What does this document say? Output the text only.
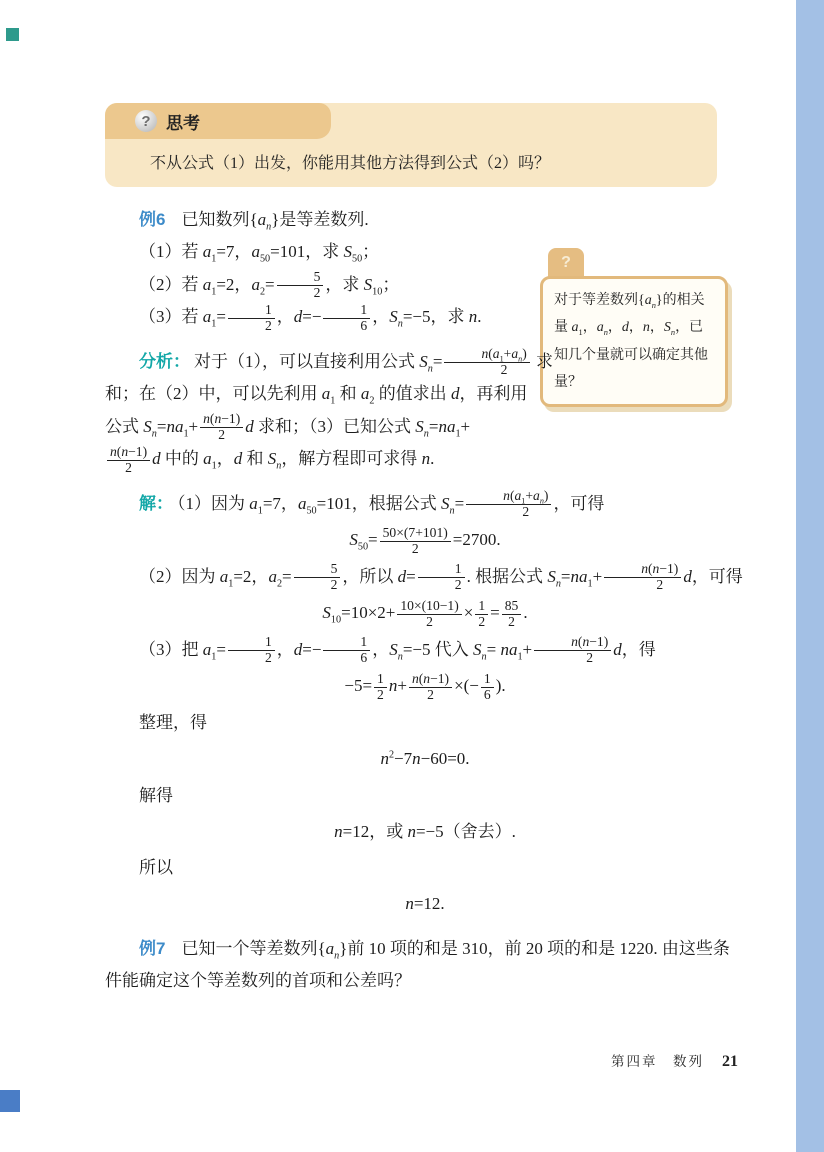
? 思考
不从公式（1）出发，你能用其他方法得到公式（2）吗？
?
对于等差数列$\{a_n\}$的相关量 $a_1$，$a_n$，d，n，$S_n$，已知几个量就可以确定其他量？

例6 已知数列$\{a_n\}$是等差数列.

（1）若 $a_1=7$，$a_{50}=101$，求 $S_{50}$；

（2）若 $a_1=2$，$a_2= \frac{5}{2}$ ，求 $S_{10}$；

（3）若 $a_1= \frac{1}{2}$ ，$d=- \frac{1}{6}$ ，$S_n=-5$，求 n.

分析： 对于（1），可以直接利用公式 $S_n= \frac{n(a_1+a_n)}{2}$ 求

和；在（2）中，可以先利用 $a_1$ 和 $a_2$ 的值求出 d，再利用

公式 $S_n=na_1+ \frac{n(n-1)}{2}$ d 求和；（3）已知公式 $S_n=na_1+$

$\frac{n(n-1)}{2}$ d 中的 $a_1$，d 和 $S_n$，解方程即可求得 n.

解： （1）因为 $a_1=7$，$a_{50}=101$，根据公式 $S_n= \frac{n(a_1+a_n)}{2}$ ，可得

$S_{50}= \frac{50\times(7+101)}{2} =2700$.

（2）因为 $a_1=2$，$a_2= \frac{5}{2}$ ，所以 $d= \frac{1}{2}$ . 根据公式 $S_n=na_1+ \frac{n(n-1)}{2}$ d，可得

$S_{10}=10\times 2+ \frac{10\times(10-1)}{2} \times \frac{1}{2} = \frac{85}{2}$ .

（3）把 $a_1= \frac{1}{2}$ ，$d=- \frac{1}{6}$ ，$S_n=-5$ 代入 $S_n= na_1+ \frac{n(n-1)}{2}$ d，得

$-5= \frac{1}{2} n+ \frac{n(n-1)}{2}$ ×(− $\frac{1}{6}$ ).

整理，得

$n^2-7n-60=0$.

解得

n=12，或 n=−5（舍去）.

所以

n=12.

例7 已知一个等差数列$\{a_n\}$前 10 项的和是 310，前 20 项的和是 1220. 由这些条件能确定这个等差数列的首项和公差吗？

第四章　数列 21
